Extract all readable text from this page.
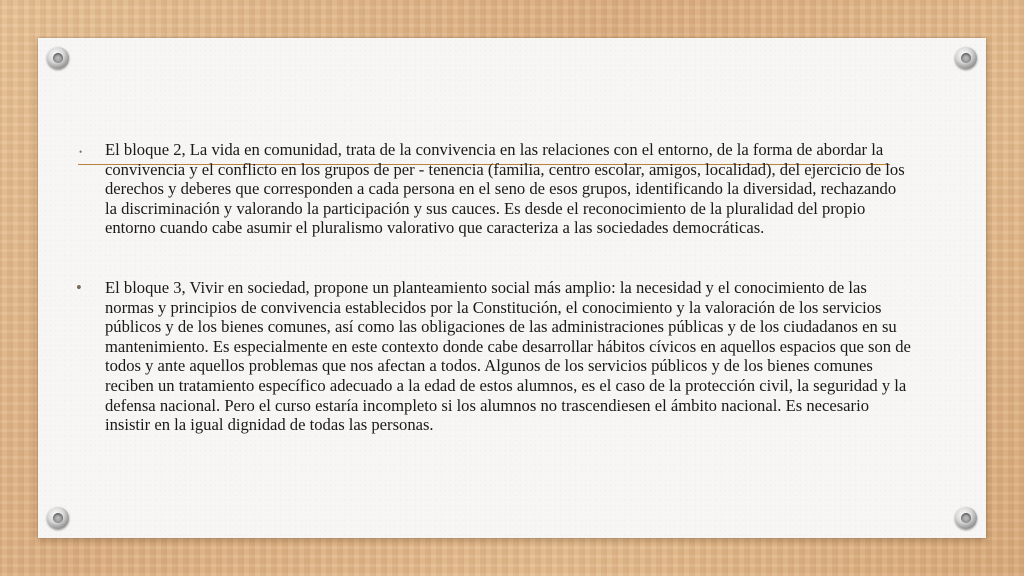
• El bloque 2, La vida en comunidad, trata de la convivencia en las relaciones con el entorno, de la forma de abordar la convivencia y el conflicto en los grupos de per - tenencia (familia, centro escolar, amigos, localidad), del ejercicio de los derechos y deberes que corresponden a cada persona en el seno de esos grupos, identificando la diversidad, rechazando la discriminación y valorando la participación y sus cauces. Es desde el reconocimiento de la pluralidad del propio entorno cuando cabe asumir el pluralismo valorativo que caracteriza a las sociedades democráticas.

• El bloque 3, Vivir en sociedad, propone un planteamiento social más amplio: la necesidad y el conocimiento de las normas y principios de convivencia establecidos por la Constitución, el conocimiento y la valoración de los servicios públicos y de los bienes comunes, así como las obligaciones de las administraciones públicas y de los ciudadanos en su mantenimiento. Es especialmente en este contexto donde cabe desarrollar hábitos cívicos en aquellos espacios que son de todos y ante aquellos problemas que nos afectan a todos. Algunos de los servicios públicos y de los bienes comunes reciben un tratamiento específico adecuado a la edad de estos alumnos, es el caso de la protección civil, la seguridad y la defensa nacional. Pero el curso estaría incompleto si los alumnos no trascendiesen el ámbito nacional. Es necesario insistir en la igual dignidad de todas las personas.
